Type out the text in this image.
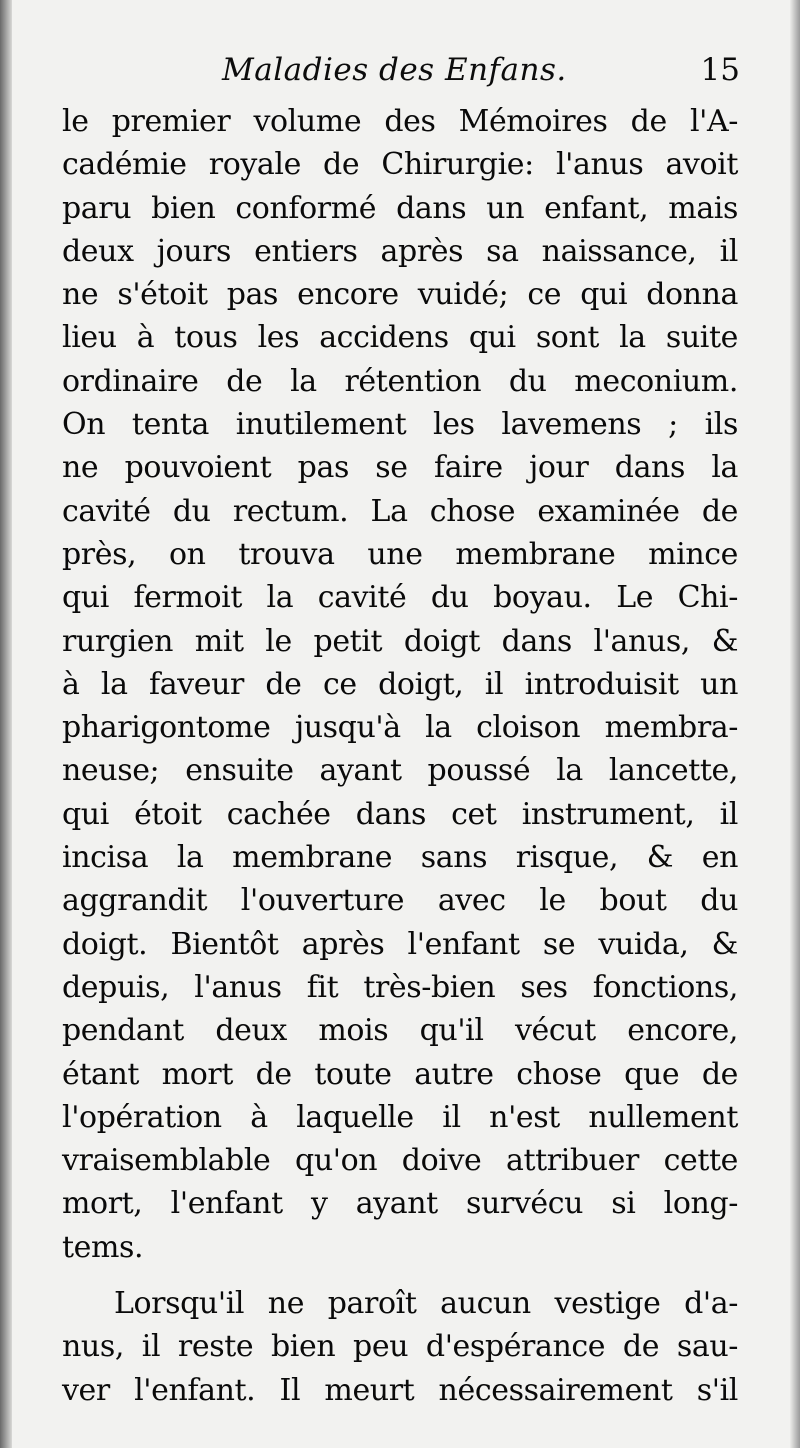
Maladies des Enfans.	15
le premier volume des Mémoires de l'A-
cadémie royale de Chirurgie: l'anus avoit
paru bien conformé dans un enfant, mais
deux jours entiers après sa naissance, il
ne s'étoit pas encore vuidé; ce qui donna
lieu à tous les accidens qui sont la suite
ordinaire de la rétention du meconium.
On tenta inutilement les lavemens ; ils
ne pouvoient pas se faire jour dans la
cavité du rectum. La chose examinée de
près, on trouva une membrane mince
qui fermoit la cavité du boyau. Le Chi-
rurgien mit le petit doigt dans l'anus, &
à la faveur de ce doigt, il introduisit un
pharigontome jusqu'à la cloison membra-
neuse; ensuite ayant poussé la lancette,
qui étoit cachée dans cet instrument, il
incisa la membrane sans risque, & en
aggrandit l'ouverture avec le bout du
doigt. Bientôt après l'enfant se vuida, &
depuis, l'anus fit très-bien ses fonctions,
pendant deux mois qu'il vécut encore,
étant mort de toute autre chose que de
l'opération à laquelle il n'est nullement
vraisemblable qu'on doive attribuer cette
mort, l'enfant y ayant survécu si long-
tems.
Lorsqu'il ne paroît aucun vestige d'a-
nus, il reste bien peu d'espérance de sau-
ver l'enfant. Il meurt nécessairement s'il
